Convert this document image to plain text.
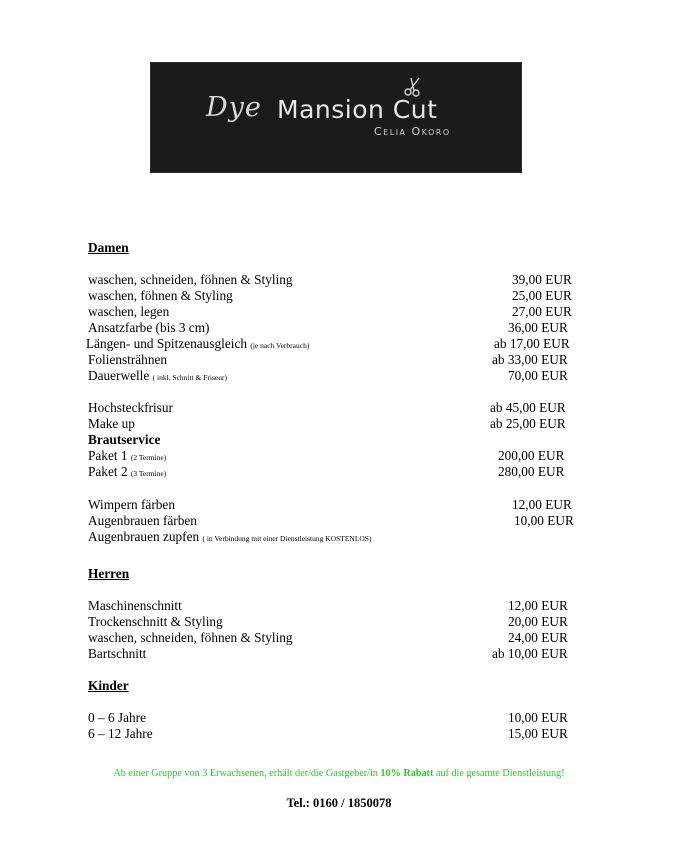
Dye Mansion Cut
Celia Okoro
Damen
waschen, schneiden, föhnen & Styling	39,00 EUR
waschen, föhnen & Styling	25,00 EUR
waschen, legen	27,00 EUR
Ansatzfarbe (bis 3 cm)	36,00 EUR
Längen- und Spitzenausgleich (je nach Verbrauch)	ab 17,00 EUR
Foliensträhnen	ab 33,00 EUR
Dauerwelle ( inkl. Schnitt & Friseur)	70,00 EUR
Hochsteckfrisur	ab 45,00 EUR
Make up	ab 25,00 EUR
Brautservice
Paket 1 (2 Termine)	200,00 EUR
Paket 2 (3 Termine)	280,00 EUR
Wimpern färben	12,00 EUR
Augenbrauen färben	10,00 EUR
Augenbrauen zupfen ( in Verbindung mit einer Dienstleistung KOSTENLOS)
Herren
Maschinenschnitt	12,00 EUR
Trockenschnitt & Styling	20,00 EUR
waschen, schneiden, föhnen & Styling	24,00 EUR
Bartschnitt	ab 10,00 EUR
Kinder
0 – 6 Jahre	10,00 EUR
6 – 12 Jahre	15,00 EUR
Ab einer Gruppe von 3 Erwachsenen, erhält der/die Gastgeber/in 10% Rabatt auf die gesamte Dienstleistung!
Tel.: 0160 / 1850078
